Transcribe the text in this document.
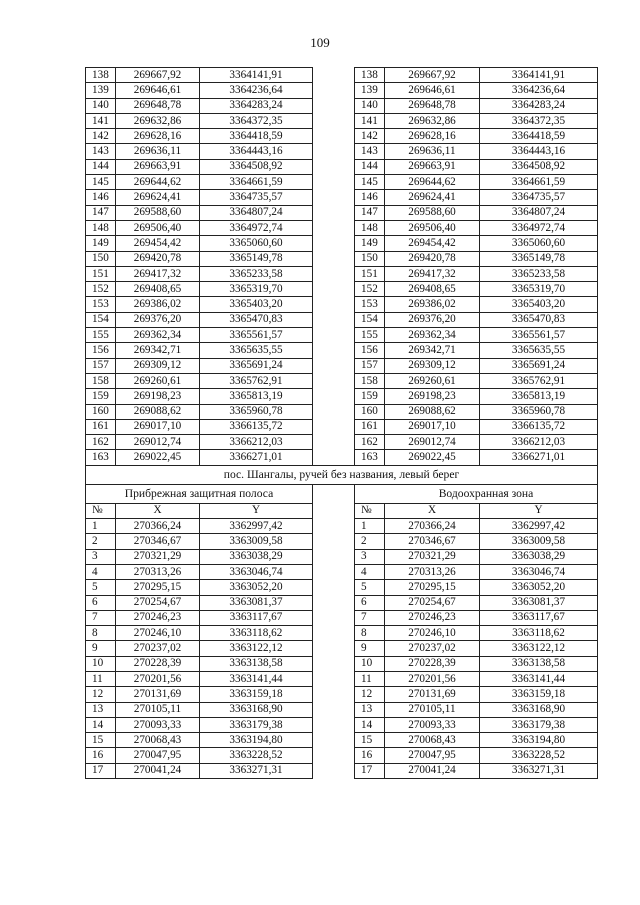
109
138	269667,92	3364141,91		138	269667,92	3364141,91
139	269646,61	3364236,64		139	269646,61	3364236,64
140	269648,78	3364283,24		140	269648,78	3364283,24
141	269632,86	3364372,35		141	269632,86	3364372,35
142	269628,16	3364418,59		142	269628,16	3364418,59
143	269636,11	3364443,16		143	269636,11	3364443,16
144	269663,91	3364508,92		144	269663,91	3364508,92
145	269644,62	3364661,59		145	269644,62	3364661,59
146	269624,41	3364735,57		146	269624,41	3364735,57
147	269588,60	3364807,24		147	269588,60	3364807,24
148	269506,40	3364972,74		148	269506,40	3364972,74
149	269454,42	3365060,60		149	269454,42	3365060,60
150	269420,78	3365149,78		150	269420,78	3365149,78
151	269417,32	3365233,58		151	269417,32	3365233,58
152	269408,65	3365319,70		152	269408,65	3365319,70
153	269386,02	3365403,20		153	269386,02	3365403,20
154	269376,20	3365470,83		154	269376,20	3365470,83
155	269362,34	3365561,57		155	269362,34	3365561,57
156	269342,71	3365635,55		156	269342,71	3365635,55
157	269309,12	3365691,24		157	269309,12	3365691,24
158	269260,61	3365762,91		158	269260,61	3365762,91
159	269198,23	3365813,19		159	269198,23	3365813,19
160	269088,62	3365960,78		160	269088,62	3365960,78
161	269017,10	3366135,72		161	269017,10	3366135,72
162	269012,74	3366212,03		162	269012,74	3366212,03
163	269022,45	3366271,01		163	269022,45	3366271,01
пос. Шангалы, ручей без названия, левый берег						
Прибрежная защитная полоса				Водоохранная зона		
№	X	Y		№	X	Y
1	270366,24	3362997,42		1	270366,24	3362997,42
2	270346,67	3363009,58		2	270346,67	3363009,58
3	270321,29	3363038,29		3	270321,29	3363038,29
4	270313,26	3363046,74		4	270313,26	3363046,74
5	270295,15	3363052,20		5	270295,15	3363052,20
6	270254,67	3363081,37		6	270254,67	3363081,37
7	270246,23	3363117,67		7	270246,23	3363117,67
8	270246,10	3363118,62		8	270246,10	3363118,62
9	270237,02	3363122,12		9	270237,02	3363122,12
10	270228,39	3363138,58		10	270228,39	3363138,58
11	270201,56	3363141,44		11	270201,56	3363141,44
12	270131,69	3363159,18		12	270131,69	3363159,18
13	270105,11	3363168,90		13	270105,11	3363168,90
14	270093,33	3363179,38		14	270093,33	3363179,38
15	270068,43	3363194,80		15	270068,43	3363194,80
16	270047,95	3363228,52		16	270047,95	3363228,52
17	270041,24	3363271,31		17	270041,24	3363271,31
